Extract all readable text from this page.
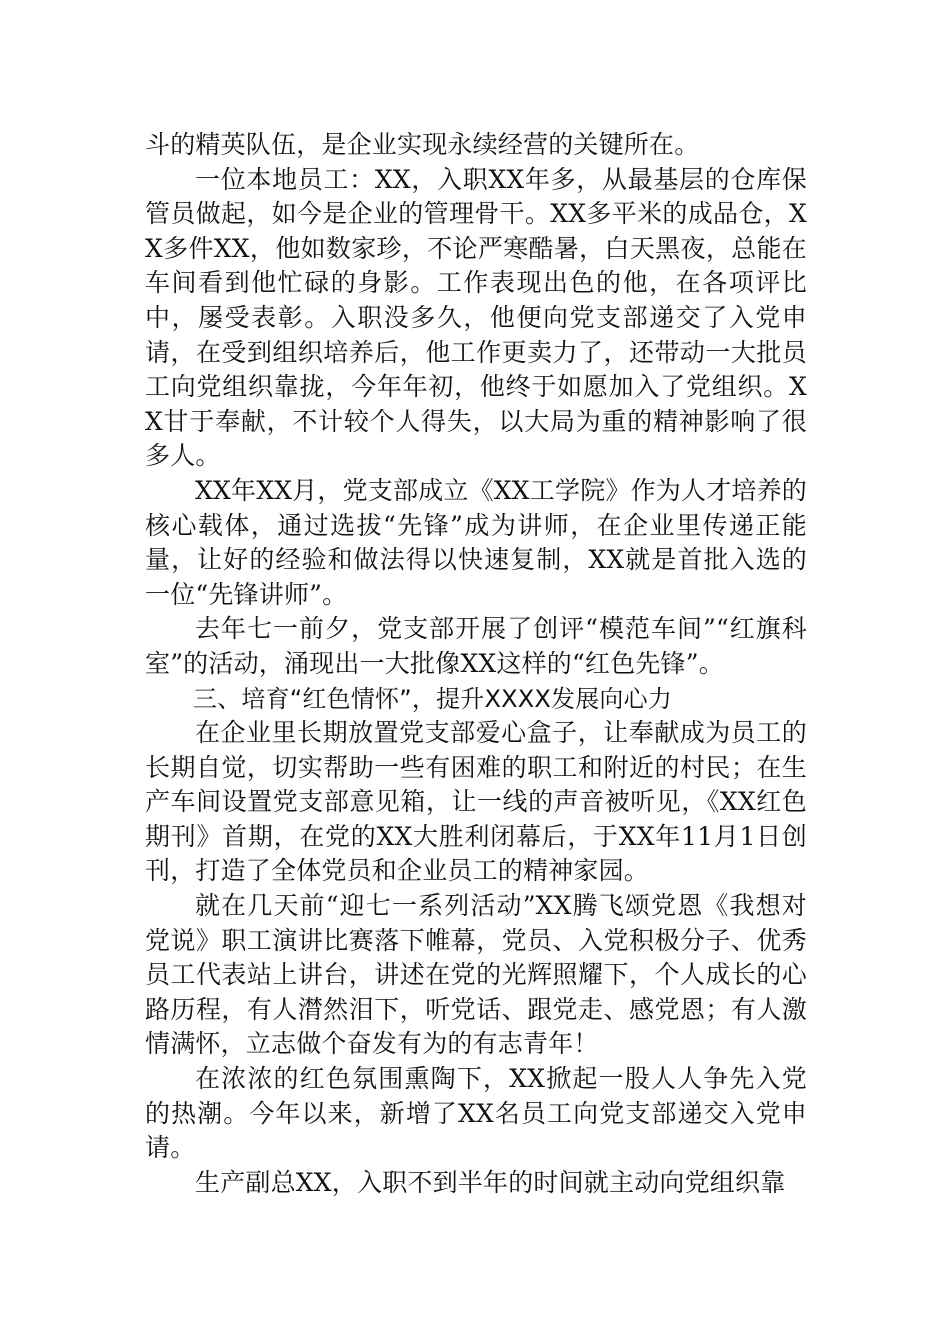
斗的精英队伍，是企业实现永续经营的关键所在。

一位本地员工：XX，入职XX年多，从最基层的仓库保管员做起，如今是企业的管理骨干。XX多平米的成品仓，XX多件XX，他如数家珍，不论严寒酷暑，白天黑夜，总能在车间看到他忙碌的身影。工作表现出色的他，在各项评比中，屡受表彰。入职没多久，他便向党支部递交了入党申请，在受到组织培养后，他工作更卖力了，还带动一大批员工向党组织靠拢，今年年初，他终于如愿加入了党组织。XX甘于奉献，不计较个人得失，以大局为重的精神影响了很多人。

XX年XX月，党支部成立《XX工学院》作为人才培养的核心载体，通过选拔“先锋”成为讲师，在企业里传递正能量，让好的经验和做法得以快速复制，XX就是首批入选的一位“先锋讲师”。

去年七一前夕，党支部开展了创评“模范车间”“红旗科室”的活动，涌现出一大批像XX这样的“红色先锋”。

三、培育“红色情怀”，提升XXXX发展向心力

在企业里长期放置党支部爱心盒子，让奉献成为员工的长期自觉，切实帮助一些有困难的职工和附近的村民；在生产车间设置党支部意见箱，让一线的声音被听见，《XX红色期刊》首期，在党的XX大胜利闭幕后，于XX年11月1日创刊，打造了全体党员和企业员工的精神家园。

就在几天前“迎七一系列活动”XX腾飞颂党恩《我想对党说》职工演讲比赛落下帷幕，党员、入党积极分子、优秀员工代表站上讲台，讲述在党的光辉照耀下，个人成长的心路历程，有人潸然泪下，听党话、跟党走、感党恩；有人激情满怀，立志做个奋发有为的有志青年！

在浓浓的红色氛围熏陶下，XX掀起一股人人争先入党的热潮。今年以来，新增了XX名员工向党支部递交入党申请。

生产副总XX，入职不到半年的时间就主动向党组织靠
